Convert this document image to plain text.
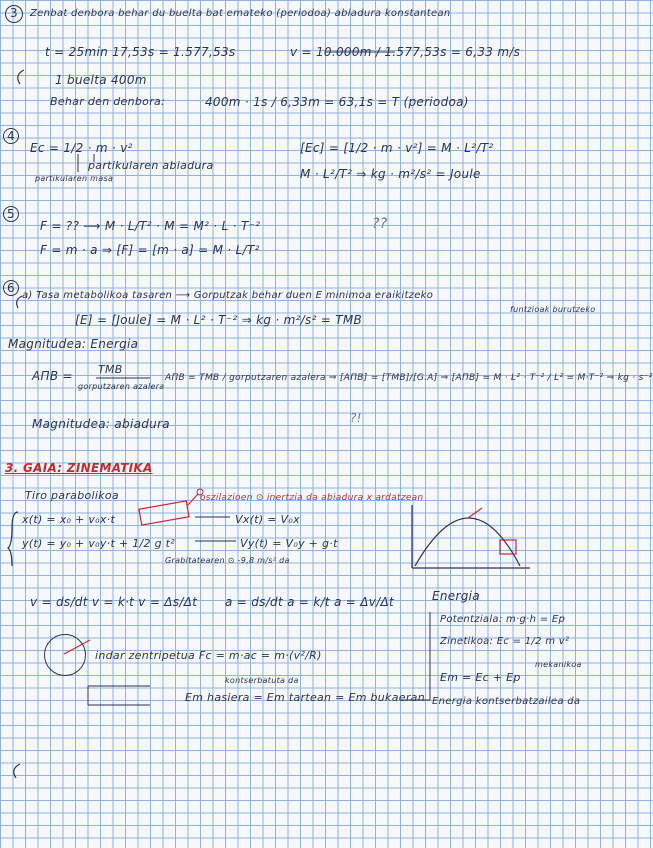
3 Zenbat denbora behar du buelta bat emateko (periodoa) abiadura konstantean
t = 25min 17,53s = 1.577,53s	v = 10.000m / 1.577,53s = 6,33 m/s
1 buelta 400m
Behar den denbora:	400m · 1s / 6,33m = 63,1s = T (periodoa)
4
Ec = 1/2 · m · v²
partikularen abiadura
partikularen masa
[Ec] = [1/2 · m · v²] = M · L²/T²
M · L²/T² ⇒ kg · m²/s² = Joule
5
F = ?? ⟶ M · L/T² · M = M² · L · T⁻²
F = m · a ⇒ [F] = [m · a] = M · L/T²
??
6
a) Tasa metabolikoa tasaren ⟶ Gorputzak behar duen E minimoa eraikitzeko
funtzioak burutzeko
[E] = [Joule] = M · L² · T⁻² ⇒ kg · m²/s² = TMB
Magnitudea: Energia
AΠB = TMB
gorputzaren azalera
AΠB = TMB / gorputzaren azalera ⇒ [AΠB] = [TMB]/[G.A] ⇒ [AΠB] = M · L² · T⁻² / L² = M·T⁻² ⇒ kg · s⁻²
Magnitudea: abiadura	?!
3. GAIA: ZINEMATIKA
Tiro parabolikoa	oszilazioen ⊙ inertzia da abiadura x ardatzean
x(t) = x₀ + v₀x·t	Vx(t) = V₀x
y(t) = y₀ + v₀y·t + 1/2 g t²	Vy(t) = V₀y + g·t
Grabitatearen ⊙ -9,8 m/s² da
v = ds/dt v = k·t v = Δs/Δt a = ds/dt a = k/t a = Δv/Δt
indar zentripetua Fc = m·ac = m·(v²/R)
Energia
Potentziala: m·g·h = Ep
Zinetikoa: Ec = 1/2 m v²
mekanikoa
Em = Ec + Ep
Energia kontserbatzailea da
kontserbatuta da
Em hasiera = Em tartean = Em bukaeran
